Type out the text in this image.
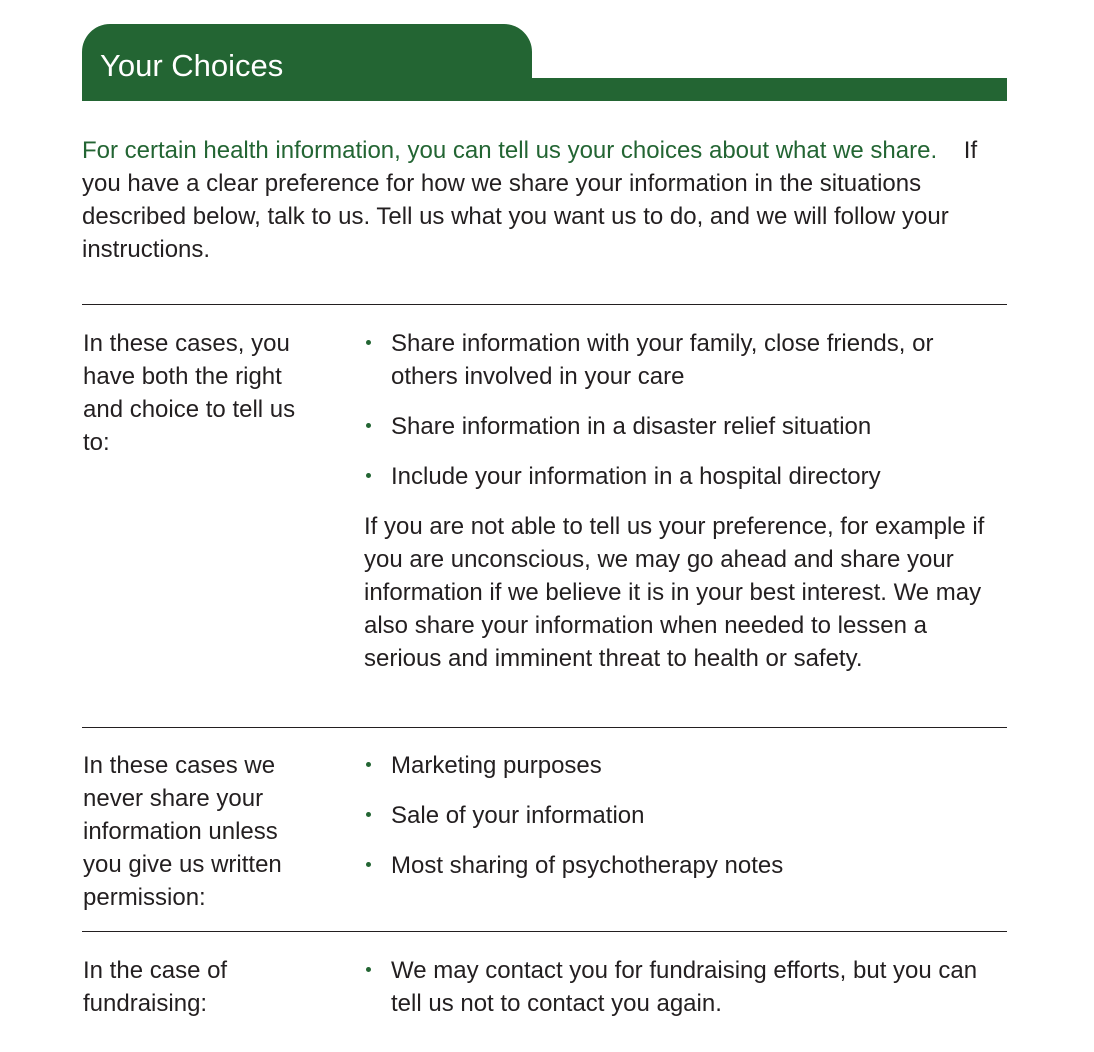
Your Choices
For certain health information, you can tell us your choices about what we share. If you have a clear preference for how we share your information in the situations described below, talk to us. Tell us what you want us to do, and we will follow your instructions.
In these cases, you have both the right and choice to tell us to:
Share information with your family, close friends, or others involved in your care
Share information in a disaster relief situation
Include your information in a hospital directory
If you are not able to tell us your preference, for example if you are unconscious, we may go ahead and share your information if we believe it is in your best interest. We may also share your information when needed to lessen a serious and imminent threat to health or safety.
In these cases we never share your information unless you give us written permission:
Marketing purposes
Sale of your information
Most sharing of psychotherapy notes
In the case of fundraising:
We may contact you for fundraising efforts, but you can tell us not to contact you again.
